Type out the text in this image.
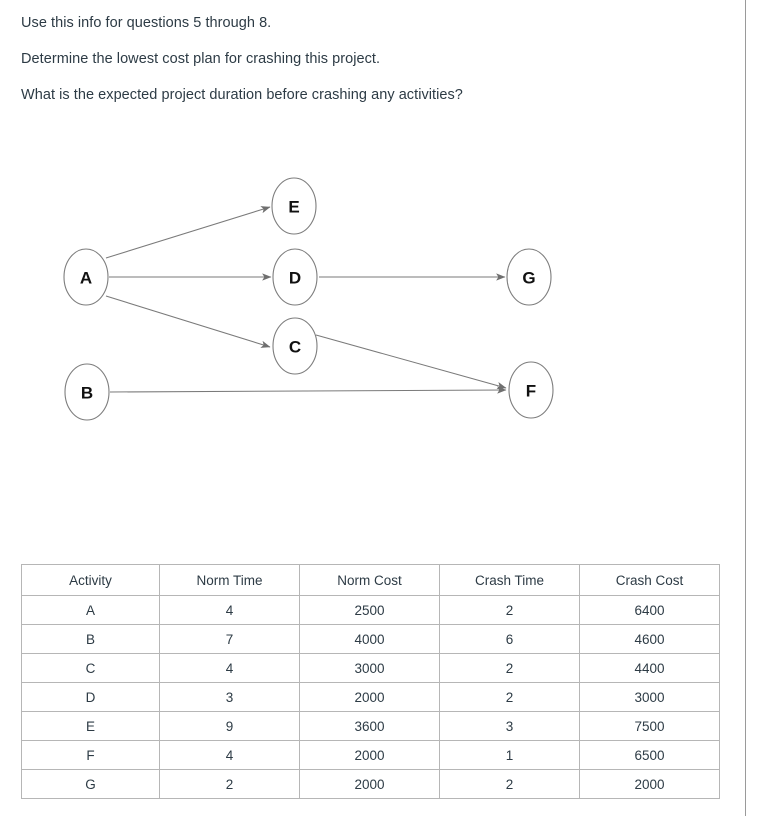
Use this info for questions 5 through 8.
Determine the lowest cost plan for crashing this project.
What is the expected project duration before crashing any activities?
A
B
C
D
E
F
G
Activity	Norm Time	Norm Cost	Crash Time	Crash Cost
A	4	2500	2	6400
B	7	4000	6	4600
C	4	3000	2	4400
D	3	2000	2	3000
E	9	3600	3	7500
F	4	2000	1	6500
G	2	2000	2	2000
